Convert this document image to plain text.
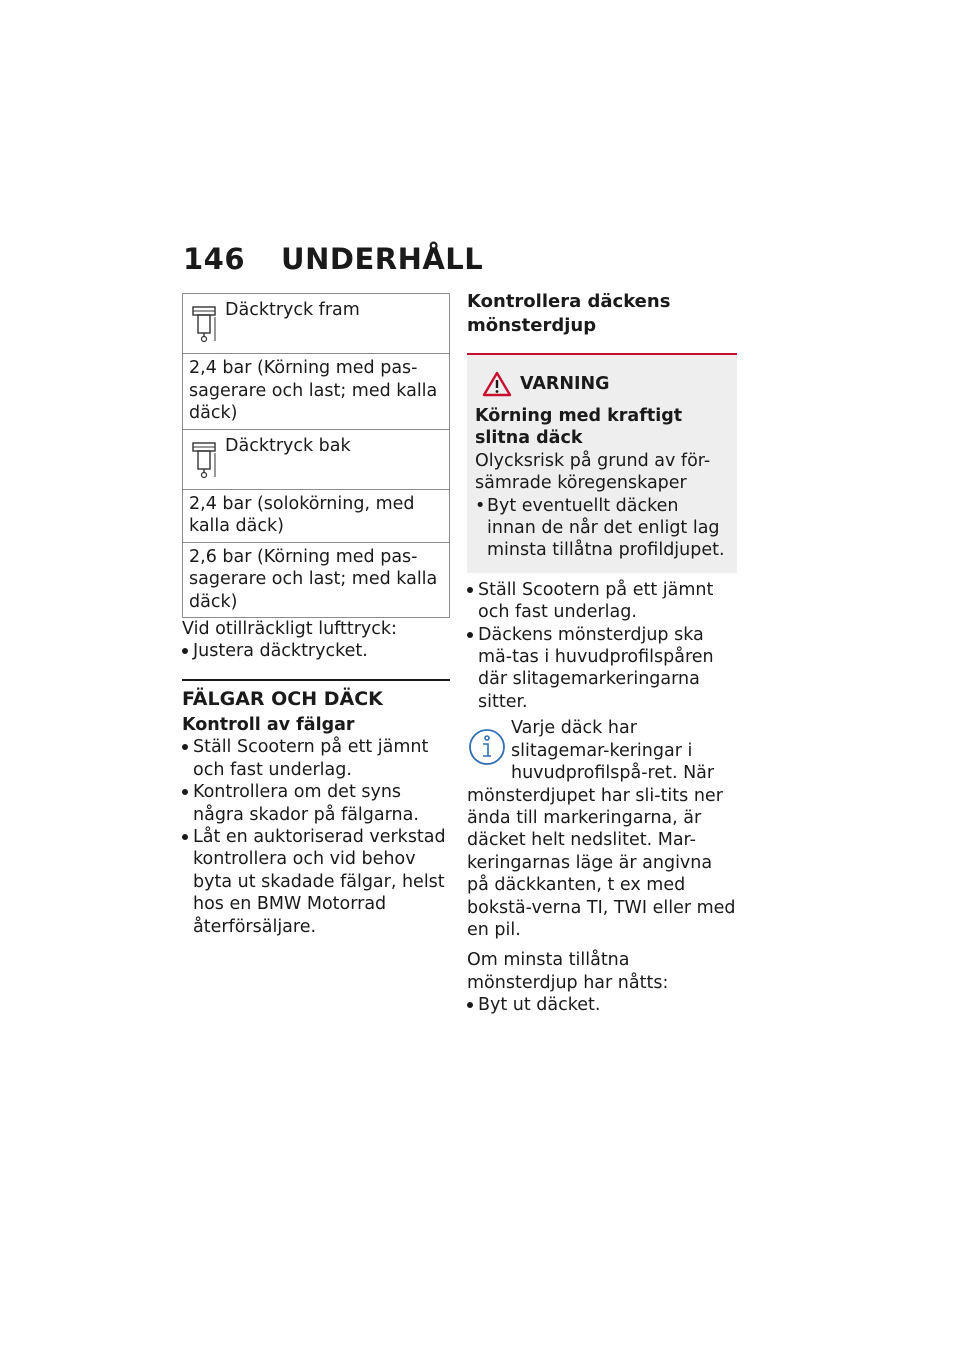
146 UNDERHÅLL
Däcktryck fram
2,4 bar (Körning med pas-sagerare och last; med kalla däck)
Däcktryck bak
2,4 bar (solokörning, med kalla däck)
2,6 bar (Körning med pas-sagerare och last; med kalla däck)

Vid otillräckligt lufttryck:

Justera däcktrycket.
FÄLGAR OCH DÄCK
Kontroll av fälgar
Ställ Scootern på ett jämnt och fast underlag.
Kontrollera om det syns några skador på fälgarna.
Låt en auktoriserad verkstad kontrollera och vid behov byta ut skadade fälgar, helst hos en BMW Motorrad återförsäljare.
Kontrollera däckens mönsterdjup
VARNING

Körning med kraftigt slitna däck

Olycksrisk på grund av för-sämrade köregenskaper

• Byt eventuellt däcken innan de når det enligt lag minsta tillåtna profildjupet.
Ställ Scootern på ett jämnt och fast underlag.
Däckens mönsterdjup ska mä-tas i huvudprofilspåren där slitagemarkeringarna sitter.

Varje däck har slitagemar-keringar i huvudprofilspå-ret. När mönsterdjupet har sli-tits ner ända till markeringarna, är däcket helt nedslitet. Mar-keringarnas läge är angivna på däckkanten, t ex med bokstä-verna TI, TWI eller med en pil.

Om minsta tillåtna mönsterdjup har nåtts:

Byt ut däcket.
